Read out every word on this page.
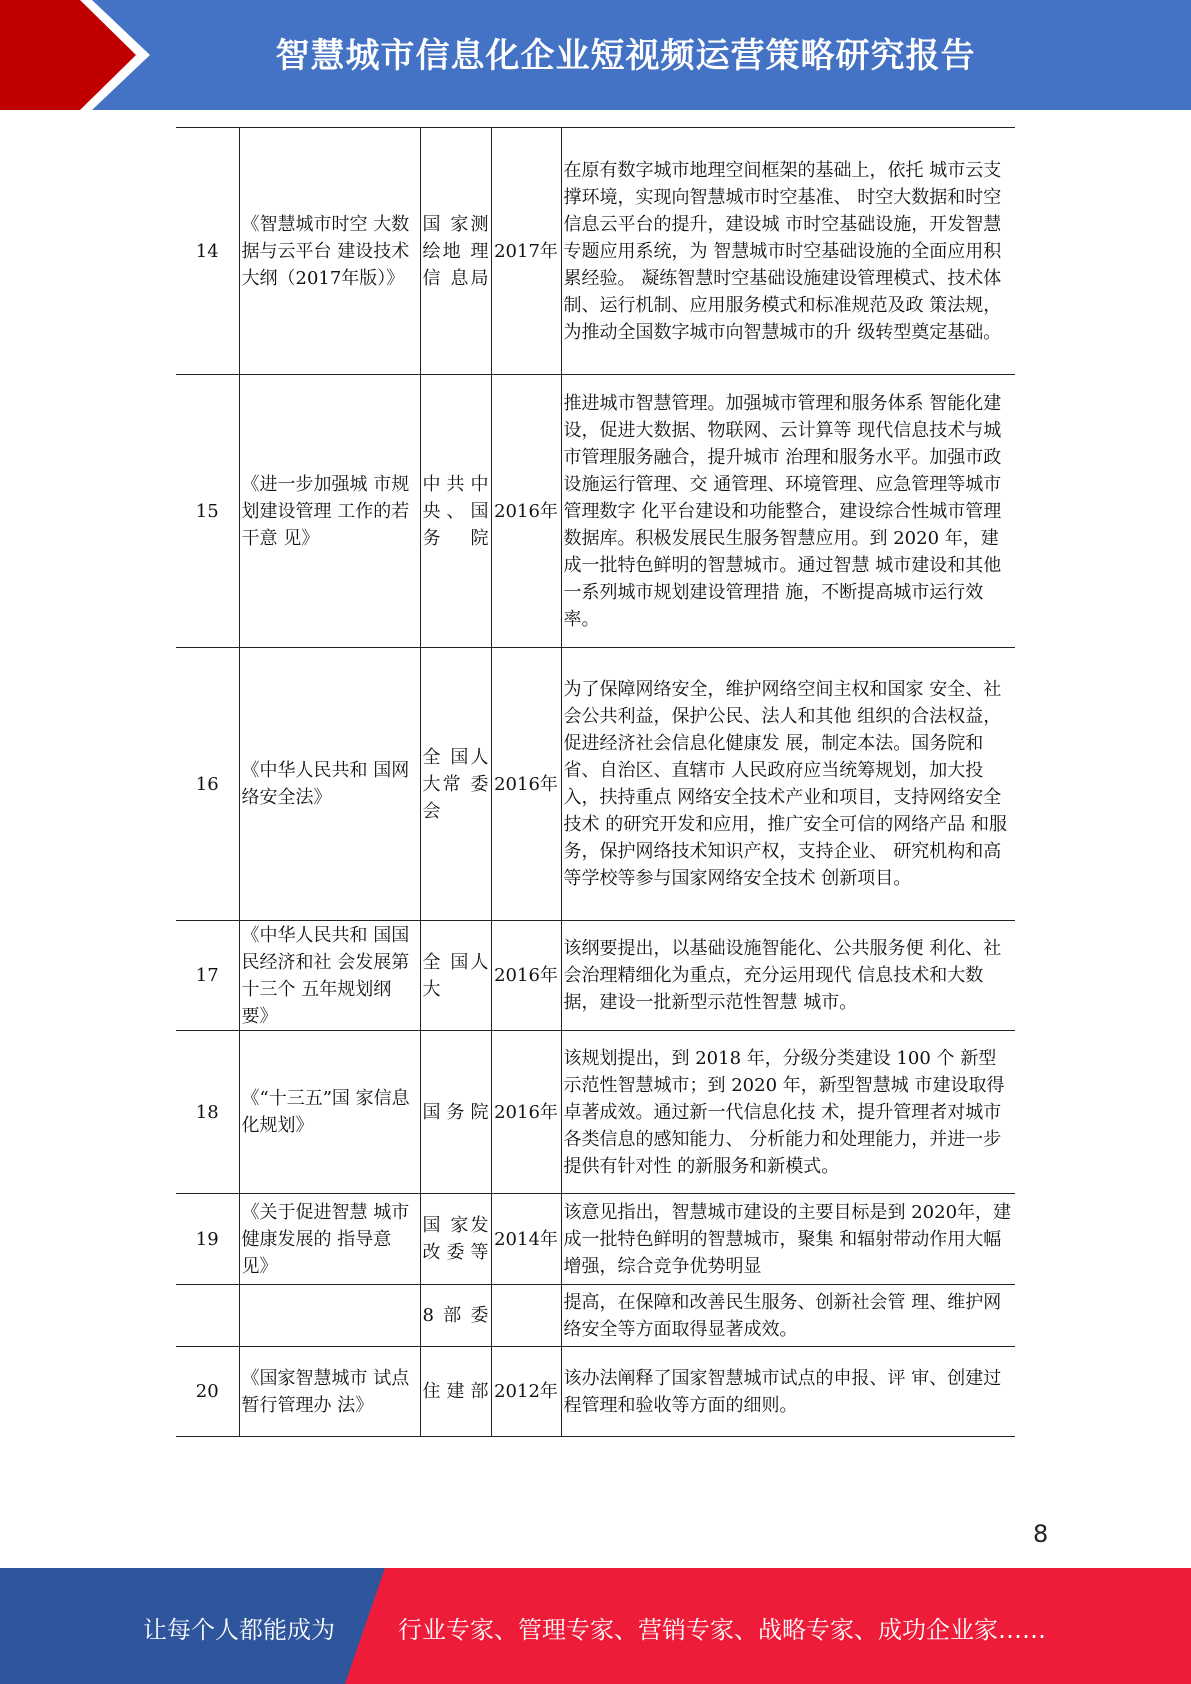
智慧城市信息化企业短视频运营策略研究报告
14	《智慧城市时空 大数据与云平台 建设技术大纲（2017年版）》	国 家测 绘地 理信 息局	2017年	在原有数字城市地理空间框架的基础上，依托 城市云支撑环境，实现向智慧城市时空基准、 时空大数据和时空信息云平台的提升，建设城 市时空基础设施，开发智慧专题应用系统，为 智慧城市时空基础设施的全面应用积累经验。 凝练智慧时空基础设施建设管理模式、技术体 制、运行机制、应用服务模式和标准规范及政 策法规，为推动全国数字城市向智慧城市的升 级转型奠定基础。
15	《进一步加强城 市规划建设管理 工作的若干意 见》	中共中 央、国务院	2016年	推进城市智慧管理。加强城市管理和服务体系 智能化建设，促进大数据、物联网、云计算等 现代信息技术与城市管理服务融合，提升城市 治理和服务水平。加强市政设施运行管理、交 通管理、环境管理、应急管理等城市管理数字 化平台建设和功能整合，建设综合性城市管理 数据库。积极发展民生服务智慧应用。到 2020 年，建成一批特色鲜明的智慧城市。通过智慧 城市建设和其他一系列城市规划建设管理措 施，不断提高城市运行效率。
16	《中华人民共和 国网络安全法》	全 国人 大常 委会	2016年	为了保障网络安全，维护网络空间主权和国家 安全、社会公共利益，保护公民、法人和其他 组织的合法权益，促进经济社会信息化健康发 展，制定本法。国务院和省、自治区、直辖市 人民政府应当统筹规划，加大投入，扶持重点 网络安全技术产业和项目，支持网络安全技术 的研究开发和应用，推广安全可信的网络产品 和服务，保护网络技术知识产权，支持企业、 研究机构和高等学校等参与国家网络安全技术 创新项目。
17	《中华人民共和 国国民经济和社 会发展第十三个 五年规划纲要》	全 国人大	2016年	该纲要提出，以基础设施智能化、公共服务便 利化、社会治理精细化为重点，充分运用现代 信息技术和大数据，建设一批新型示范性智慧 城市。
18	《“十三五”国 家信息化规划》	国务院	2016年	该规划提出，到 2018 年，分级分类建设 100 个 新型示范性智慧城市；到 2020 年，新型智慧城 市建设取得卓著成效。通过新一代信息化技 术，提升管理者对城市各类信息的感知能力、 分析能力和处理能力，并进一步提供有针对性 的新服务和新模式。
19	《关于促进智慧 城市健康发展的 指导意见》	国 家发 改委等	2014年	该意见指出，智慧城市建设的主要目标是到 2020年，建成一批特色鲜明的智慧城市，聚集 和辐射带动作用大幅增强，综合竞争优势明显
		8部委		提高，在保障和改善民生服务、创新社会管 理、维护网络安全等方面取得显著成效。
20	《国家智慧城市 试点暂行管理办 法》	住建部	2012年	该办法阐释了国家智慧城市试点的申报、评 审、创建过程管理和验收等方面的细则。
8
让每个人都能成为	行业专家、管理专家、营销专家、战略专家、成功企业家……
